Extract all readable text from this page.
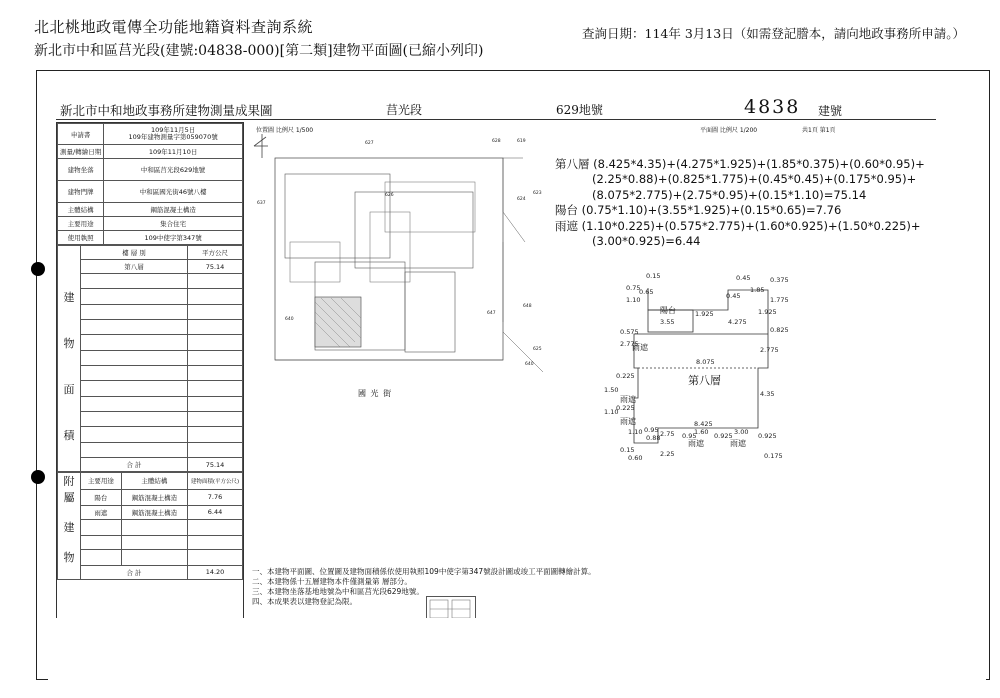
北北桃地政電傳全功能地籍資料查詢系統
新北市中和區莒光段(建號:04838-000)[第二類]建物平面圖(已縮小列印)
查詢日期：114年 3月13日（如需登記謄本，請向地政事務所申請。）
新北市中和地政事務所建物測量成果圖	莒光段	629地號	4838 建號
位置圖 比例尺 1/500	平面圖 比例尺 1/200	共1頁 第1頁
申請書	109年11月5日
109年建物測量字第059070號
測量/轉繪日期	109年11月10日
建物坐落	中和區莒光段629地號
建物門牌	中和區國光街46號八樓
主體結構	鋼筋混凝土構造
主要用途	集合住宅
使用執照	109中使字第347號
	樓 層 別	平方公尺
	第八層	75.14

建		

物		

面		

積		

	合 計	75.14
附	主要用途	主體結構	建物面積(平方公尺)
屬	陽台	鋼筋混凝土構造	7.76
	雨遮	鋼筋混凝土構造	6.44
建			

物			
	合 計		14.20
627	628	619
637
626
624
623
640
648
647
625
640
國 光 街
第八層 (8.425*4.35)+(4.275*1.925)+(1.85*0.375)+(0.60*0.95)+
(2.25*0.88)+(0.825*1.775)+(0.45*0.45)+(0.175*0.95)+
(8.075*2.775)+(2.75*0.95)+(0.15*1.10)=75.14
陽台 (0.75*1.10)+(3.55*1.925)+(0.15*0.65)=7.76
雨遮 (1.10*0.225)+(0.575*2.775)+(1.60*0.925)+(1.50*0.225)+
(3.00*0.925)=6.44
陽台
第八層
雨遮
雨遮
雨遮
雨遮	雨遮
0.15
0.75
0.65
1.10
0.45
1.85
0.375
1.775
0.45
3.55
1.925
4.275
1.925
0.825
0.575
2.775
8.075
2.775
0.225
1.50
1.10
4.35
0.225
8.425
2.75	1.60
0.95	0.925 3.00 0.925
0.95
1.10
0.88
0.15
0.60	2.25	0.175
一、本建物平面圖、位置圖及建物面積係依使用執照109中使字第347號設計圖或竣工平面圖轉繪計算。
二、本建物係十五層建物本件僅測量第 層部分。
三、本建物坐落基地地號為中和區莒光段629地號。
四、本成果表以建物登記為限。
